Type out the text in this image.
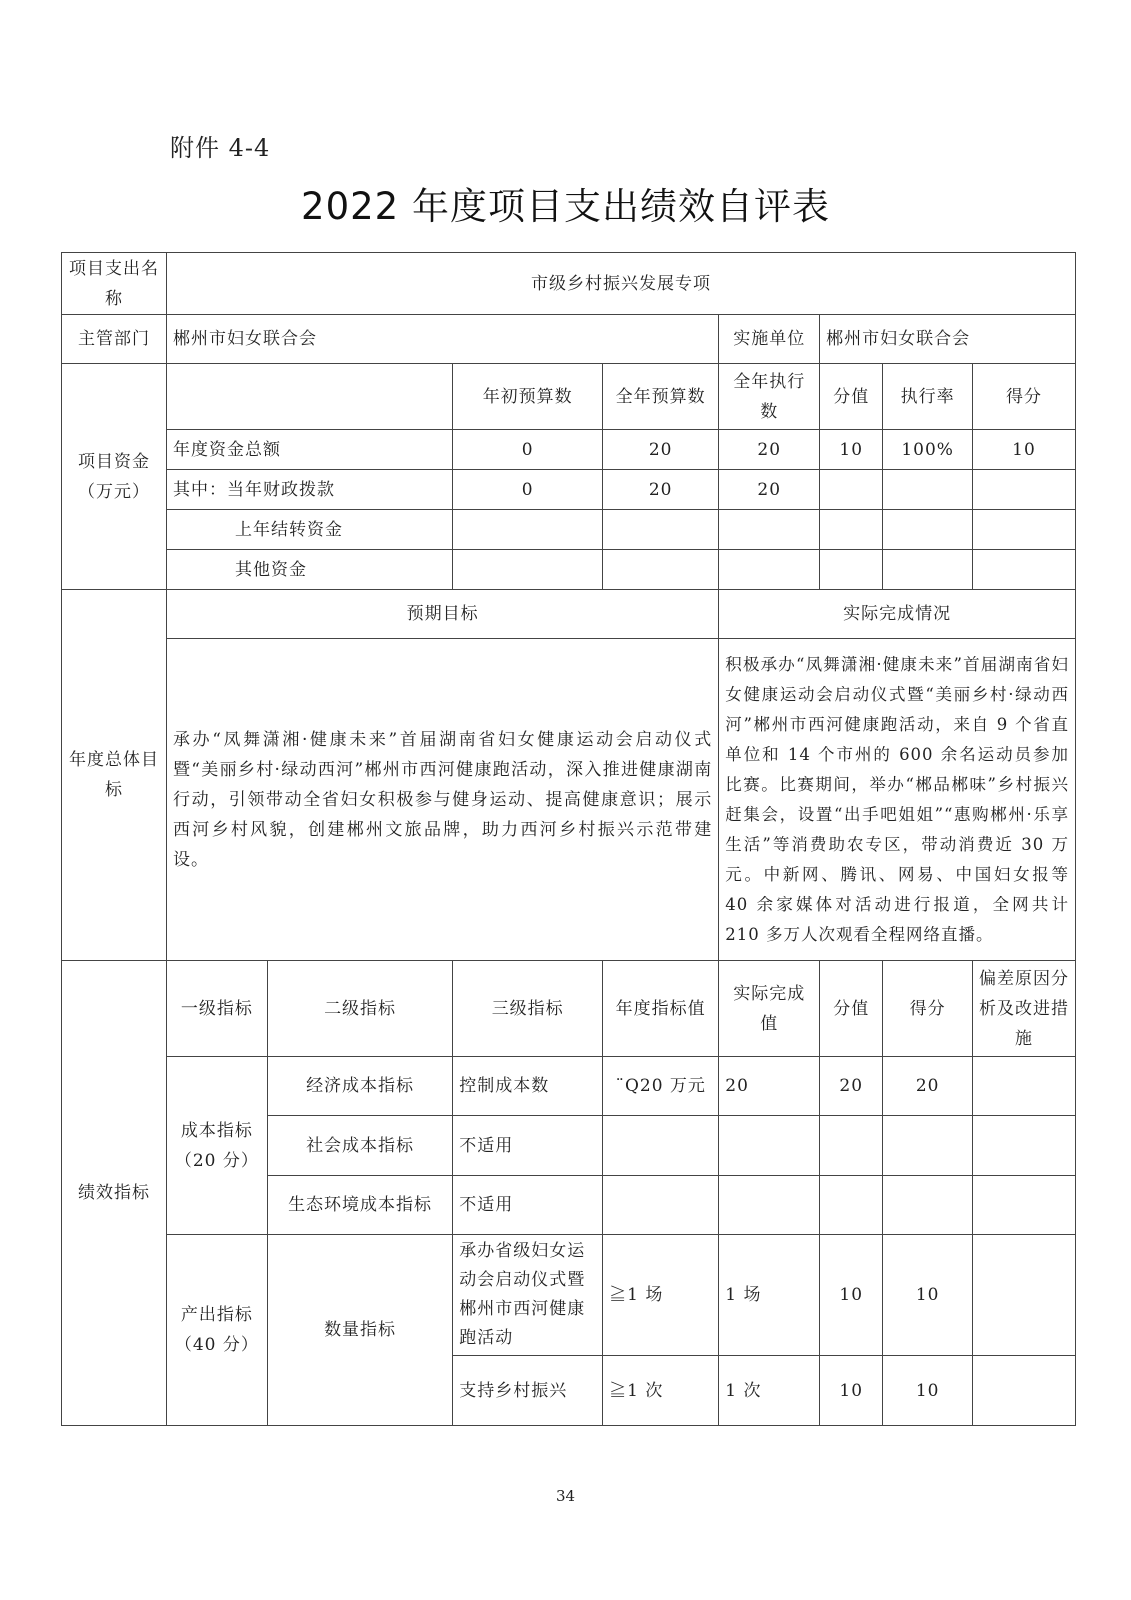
附件 4-4
2022 年度项目支出绩效自评表
项目支出名称	市级乡村振兴发展专项							
主管部门	郴州市妇女联合会				实施单位	郴州市妇女联合会		
项目资金（万元）			年初预算数	全年预算数	全年执行数	分值	执行率	得分
	年度资金总额		0	20	20	10	100%	10
	其中：当年财政拨款		0	20	20			
	上年结转资金							
	其他资金							
年度总体目标	预期目标				实际完成情况			
	承办“凤舞潇湘·健康未来”首届湖南省妇女健康运动会启动仪式暨“美丽乡村·绿动西河”郴州市西河健康跑活动，深入推进健康湖南行动，引领带动全省妇女积极参与健身运动、提高健康意识；展示西河乡村风貌，创建郴州文旅品牌，助力西河乡村振兴示范带建设。				积极承办“凤舞潇湘·健康未来”首届湖南省妇女健康运动会启动仪式暨“美丽乡村·绿动西河”郴州市西河健康跑活动，来自 9 个省直单位和 14 个市州的 600 余名运动员参加比赛。比赛期间，举办“郴品郴味”乡村振兴赶集会，设置“出手吧姐姐”“惠购郴州·乐享生活”等消费助农专区，带动消费近 30 万元。中新网、腾讯、网易、中国妇女报等 40 余家媒体对活动进行报道，全网共计 210 多万人次观看全程网络直播。			
绩效指标	一级指标	二级指标	三级指标	年度指标值	实际完成值	分值	得分	偏差原因分析及改进措施
	成本指标（20 分）	经济成本指标	控制成本数	¨Q20 万元	20	20	20	
		社会成本指标	不适用					
		生态环境成本指标	不适用					
	产出指标（40 分）	数量指标	承办省级妇女运动会启动仪式暨郴州市西河健康跑活动	≧1 场	1 场	10	10	
			支持乡村振兴	≧1 次	1 次	10	10	
34
